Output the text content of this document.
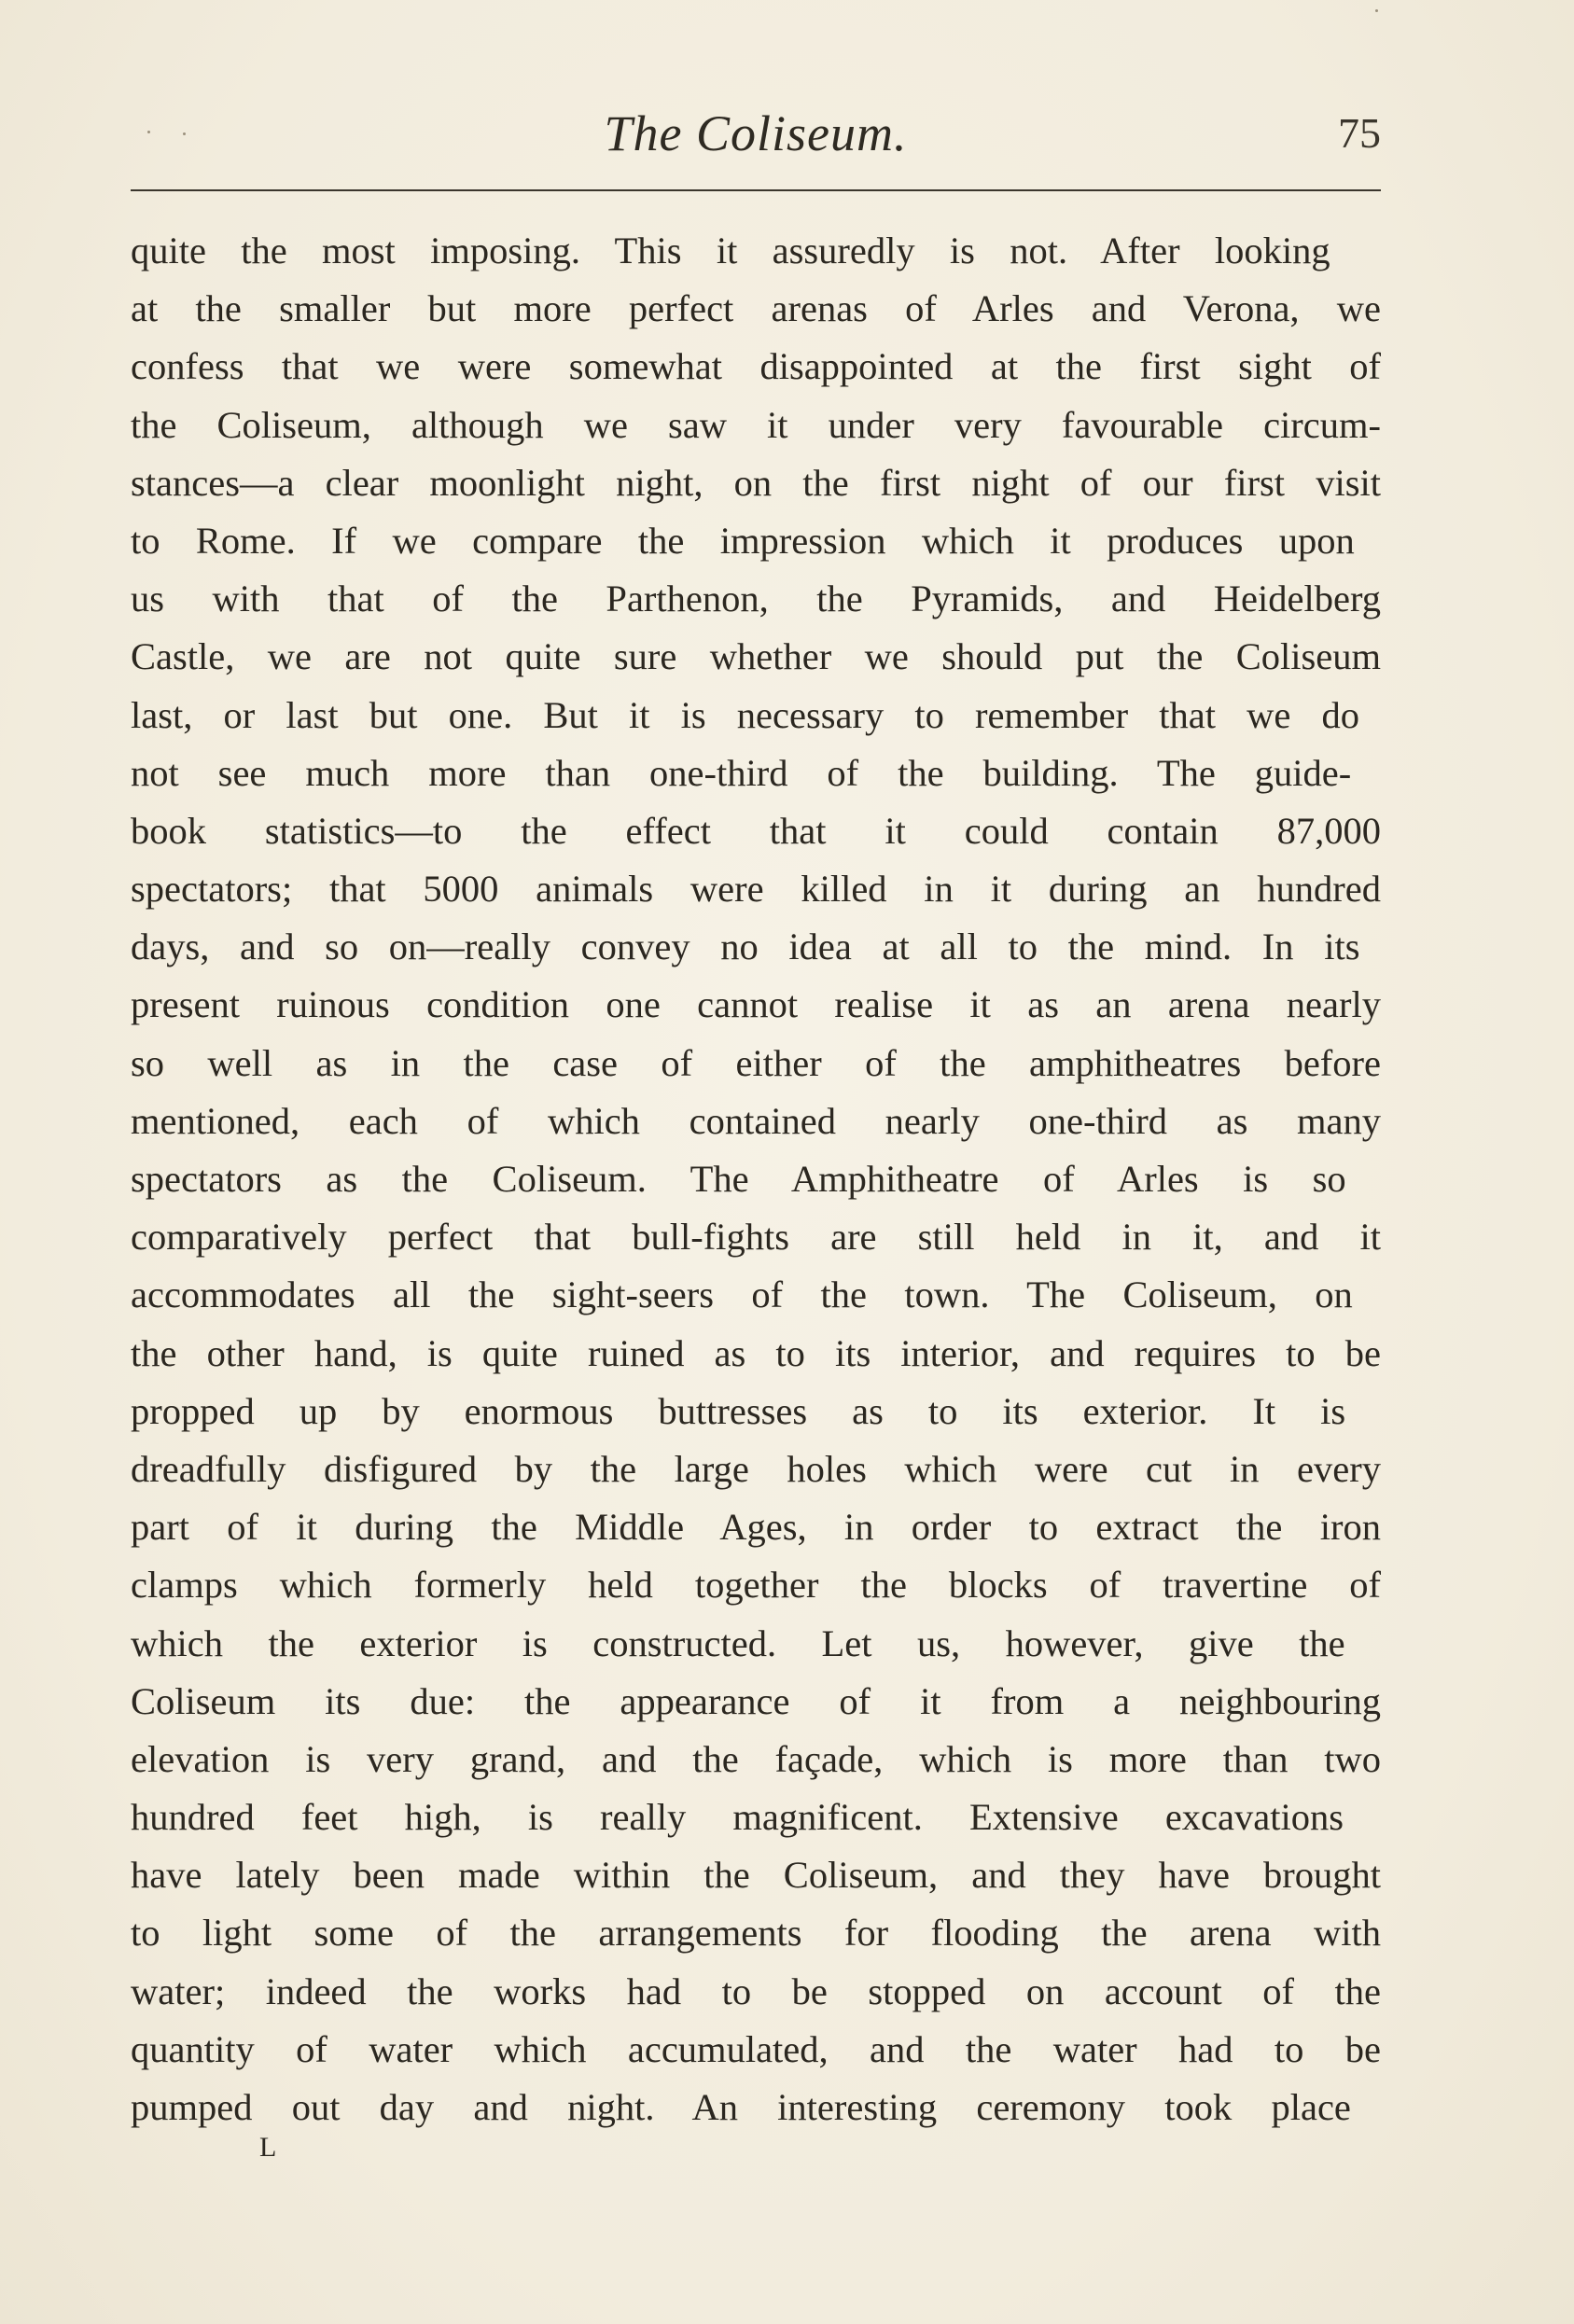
The Coliseum.	75
quite the most imposing. This it assuredly is not. After looking
at the smaller but more perfect arenas of Arles and Verona, we
confess that we were somewhat disappointed at the first sight of
the Coliseum, although we saw it under very favourable circum-
stances—a clear moonlight night, on the first night of our first visit
to Rome. If we compare the impression which it produces upon
us with that of the Parthenon, the Pyramids, and Heidelberg
Castle, we are not quite sure whether we should put the Coliseum
last, or last but one. But it is necessary to remember that we do
not see much more than one-third of the building. The guide-
book statistics—to the effect that it could contain 87,000
spectators; that 5000 animals were killed in it during an hundred
days, and so on—really convey no idea at all to the mind. In its
present ruinous condition one cannot realise it as an arena nearly
so well as in the case of either of the amphitheatres before
mentioned, each of which contained nearly one-third as many
spectators as the Coliseum. The Amphitheatre of Arles is so
comparatively perfect that bull-fights are still held in it, and it
accommodates all the sight-seers of the town. The Coliseum, on
the other hand, is quite ruined as to its interior, and requires to be
propped up by enormous buttresses as to its exterior. It is
dreadfully disfigured by the large holes which were cut in every
part of it during the Middle Ages, in order to extract the iron
clamps which formerly held together the blocks of travertine of
which the exterior is constructed. Let us, however, give the
Coliseum its due: the appearance of it from a neighbouring
elevation is very grand, and the façade, which is more than two
hundred feet high, is really magnificent. Extensive excavations
have lately been made within the Coliseum, and they have brought
to light some of the arrangements for flooding the arena with
water; indeed the works had to be stopped on account of the
quantity of water which accumulated, and the water had to be
pumped out day and night. An interesting ceremony took place
L
